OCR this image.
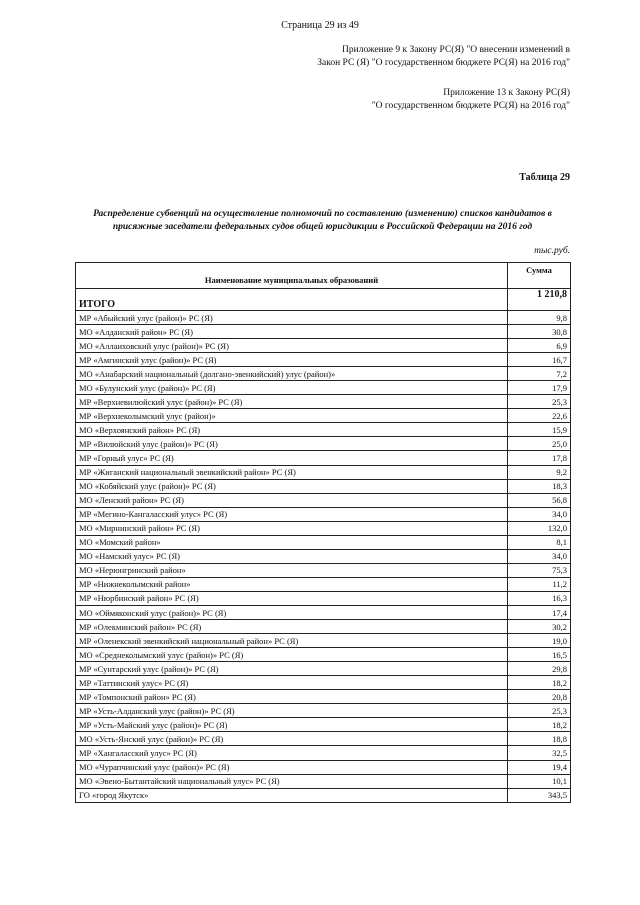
Страница 29 из 49
Приложение 9 к Закону РС(Я) "О внесении изменений в
Закон РС (Я) "О государственном бюджете РС(Я) на 2016 год"
Приложение 13 к Закону РС(Я)
"О государственном бюджете РС(Я) на 2016 год"
Таблица 29
Распределение субвенций на осуществление полномочий по составлению (изменению) списков кандидатов в присяжные заседатели федеральных судов общей юрисдикции в Российской Федерации на 2016 год
тыс.руб.
Наименование муниципальных образований	Сумма
ИТОГО	1 210,8
МР «Абыйский улус (район)» РС (Я)	9,8
МО «Алданский район» РС (Я)	30,8
МО «Аллаиховский улус (район)» РС (Я)	6,9
МР «Амгинский улус (район)» РС (Я)	16,7
МО «Анабарский национальный (долгано-эвенкийский) улус (район)»	7,2
МО «Булунский улус (район)» РС (Я)	17,9
МР «Верхневилюйский улус (район)» РС (Я)	25,3
МР «Верхнеколымский улус (район)»	22,6
МО «Верхоянский район» РС (Я)	15,9
МР «Вилюйский улус (район)» РС (Я)	25,0
МР «Горный улус» РС (Я)	17,8
МР «Жиганский национальный эвенкийский район» РС (Я)	9,2
МО «Кобяйский улус (район)» РС (Я)	18,3
МО «Ленский район» РС (Я)	56,8
МР «Мегино-Кангаласский улус» РС (Я)	34,0
МО «Мирнинский район» РС (Я)	132,0
МО «Момский район»	8,1
МО «Намский улус» РС (Я)	34,0
МО «Нерюнгринский район»	75,3
МР «Нижнеколымский район»	11,2
МР «Нюрбинский район» РС (Я)	16,3
МО «Оймяконский улус (район)» РС (Я)	17,4
МР «Олекминский район» РС (Я)	30,2
МР «Оленекский эвенкийский национальный район» РС (Я)	19,0
МО «Среднеколымский улус (район)» РС (Я)	16,5
МР «Сунтарский улус (район)» РС (Я)	29,8
МР «Таттинский улус» РС (Я)	18,2
МР «Томпонский район» РС (Я)	20,8
МР «Усть-Алданский улус (район)» РС (Я)	25,3
МР «Усть-Майский улус (район)» РС (Я)	18,2
МО «Усть-Янский улус (район)» РС (Я)	18,8
МР «Хангаласский улус» РС (Я)	32,5
МО «Чурапчинский улус (район)» РС (Я)	19,4
МО «Эвено-Бытантайский национальный улус» РС (Я)	10,1
ГО «город Якутск»	343,5
